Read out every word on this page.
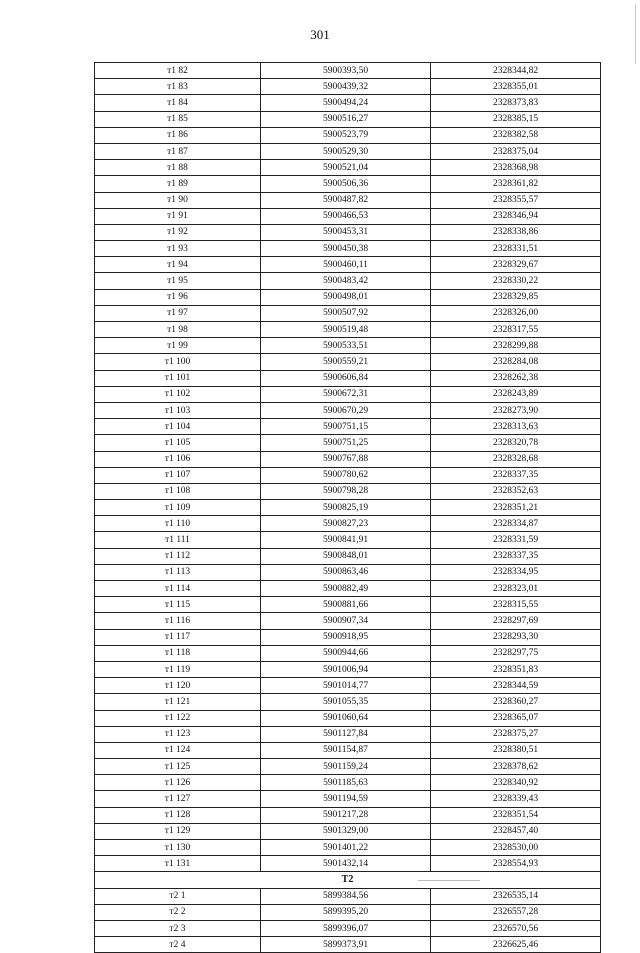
301
т1 82	5900393,50	2328344,82
т1 83	5900439,32	2328355,01
т1 84	5900494,24	2328373,83
т1 85	5900516,27	2328385,15
т1 86	5900523,79	2328382,58
т1 87	5900529,30	2328375,04
т1 88	5900521,04	2328368,98
т1 89	5900506,36	2328361,82
т1 90	5900487,82	2328355,57
т1 91	5900466,53	2328346,94
т1 92	5900453,31	2328338,86
т1 93	5900450,38	2328331,51
т1 94	5900460,11	2328329,67
т1 95	5900483,42	2328330,22
т1 96	5900498,01	2328329,85
т1 97	5900507,92	2328326,00
т1 98	5900519,48	2328317,55
т1 99	5900533,51	2328299,88
т1 100	5900559,21	2328284,08
т1 101	5900606,84	2328262,38
т1 102	5900672,31	2328243,89
т1 103	5900670,29	2328273,90
т1 104	5900751,15	2328313,63
т1 105	5900751,25	2328320,78
т1 106	5900767,88	2328328,68
т1 107	5900780,62	2328337,35
т1 108	5900798,28	2328352,63
т1 109	5900825,19	2328351,21
т1 110	5900827,23	2328334,87
т1 111	5900841,91	2328331,59
т1 112	5900848,01	2328337,35
т1 113	5900863,46	2328334,95
т1 114	5900882,49	2328323,01
т1 115	5900881,66	2328315,55
т1 116	5900907,34	2328297,69
т1 117	5900918,95	2328293,30
т1 118	5900944,66	2328297,75
т1 119	5901006,94	2328351,83
т1 120	5901014,77	2328344,59
т1 121	5901055,35	2328360,27
т1 122	5901060,64	2328365,07
т1 123	5901127,84	2328375,27
т1 124	5901154,87	2328380,51
т1 125	5901159,24	2328378,62
т1 126	5901185,63	2328340,92
т1 127	5901194,59	2328339,43
т1 128	5901217,28	2328351,54
т1 129	5901329,00	2328457,40
т1 130	5901401,22	2328530,00
т1 131	5901432,14	2328554,93
Т2		
т2 1	5899384,56	2326535,14
т2 2	5899395,20	2326557,28
т2 3	5899396,07	2326570,56
т2 4	5899373,91	2326625,46
